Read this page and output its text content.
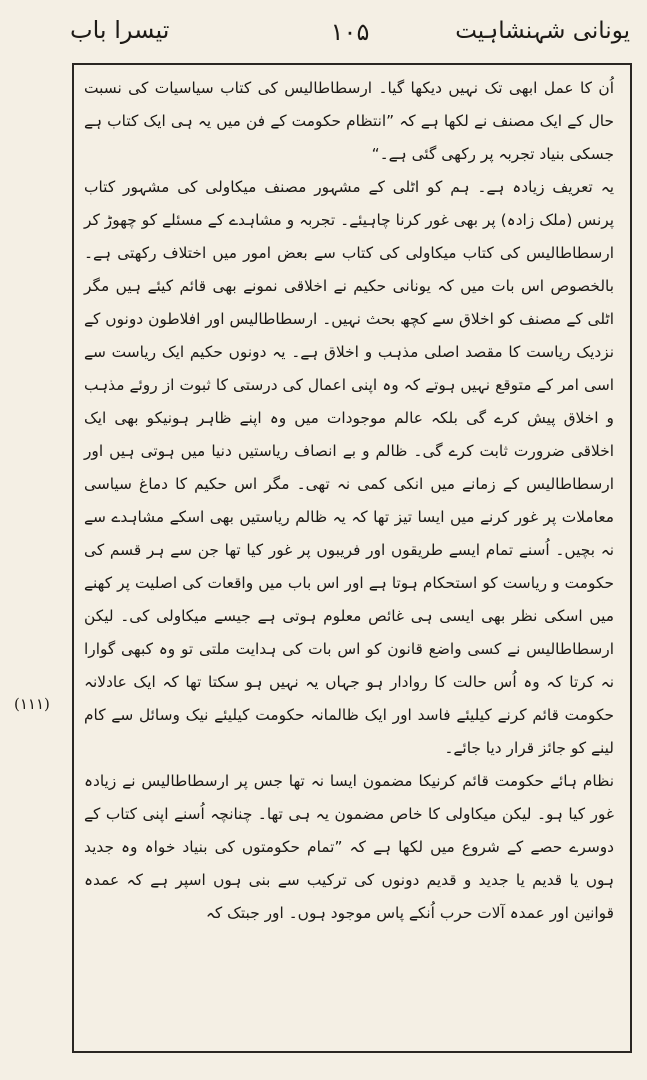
یونانی شہنشاہیت
۱۰۵
تیسرا باب

اُن کا عمل ابھی تک نہیں دیکھا گیا۔ ارسطاطالیس کی کتاب سیاسیات کی نسبت حال کے ایک مصنف نے لکھا ہے کہ ”انتظام حکومت کے فن میں یہ ہی ایک کتاب ہے جسکی بنیاد تجربہ پر رکھی گئی ہے۔“

یہ تعریف زیادہ ہے۔ ہم کو اٹلی کے مشہور مصنف میکاولی کی مشہور کتاب پرنس (ملک زادہ) پر بھی غور کرنا چاہیئے۔ تجربہ و مشاہدے کے مسئلے کو چھوڑ کر ارسطاطالیس کی کتاب میکاولی کی کتاب سے بعض امور میں اختلاف رکھتی ہے۔ بالخصوص اس بات میں کہ یونانی حکیم نے اخلاقی نمونے بھی قائم کیئے ہیں مگر اٹلی کے مصنف کو اخلاق سے کچھ بحث نہیں۔ ارسطاطالیس اور افلاطون دونوں کے نزدیک ریاست کا مقصد اصلی مذہب و اخلاق ہے۔ یہ دونوں حکیم ایک ریاست سے اسی امر کے متوقع نہیں ہوتے کہ وہ اپنی اعمال کی درستی کا ثبوت از روئے مذہب و اخلاق پیش کرے گی بلکہ عالم موجودات میں وہ اپنے ظاہر ہونیکو بھی ایک اخلاقی ضرورت ثابت کرے گی۔ ظالم و بے انصاف ریاستیں دنیا میں ہوتی ہیں اور ارسطاطالیس کے زمانے میں انکی کمی نہ تھی۔ مگر اس حکیم کا دماغ سیاسی معاملات پر غور کرنے میں ایسا تیز تھا کہ یہ ظالم ریاستیں بھی اسکے مشاہدے سے نہ بچیں۔ اُسنے تمام ایسے طریقوں اور فریبوں پر غور کیا تھا جن سے ہر قسم کی حکومت و ریاست کو استحکام ہوتا ہے اور اس باب میں واقعات کی اصلیت پر کھنے میں اسکی نظر بھی ایسی ہی غائص معلوم ہوتی ہے جیسے میکاولی کی۔ لیکن ارسطاطالیس نے کسی واضع قانون کو اس بات کی ہدایت ملتی تو وہ کبھی گوارا نہ کرتا کہ وہ اُس حالت کا روادار ہو جہاں یہ نہیں ہو سکتا تھا کہ ایک عادلانہ حکومت قائم کرنے کیلیئے فاسد اور ایک ظالمانہ حکومت کیلیئے نیک وسائل سے کام لینے کو جائز قرار دیا جائے۔

نظام ہائے حکومت قائم کرنیکا مضمون ایسا نہ تھا جس پر ارسطاطالیس نے زیادہ غور کیا ہو۔ لیکن میکاولی کا خاص مضمون یہ ہی تھا۔ چنانچہ اُسنے اپنی کتاب کے دوسرے حصے کے شروع میں لکھا ہے کہ ”تمام حکومتوں کی بنیاد خواہ وہ جدید ہوں یا قدیم یا جدید و قدیم دونوں کی ترکیب سے بنی ہوں اسپر ہے کہ عمدہ قوانین اور عمدہ آلات حرب اُنکے پاس موجود ہوں۔ اور جبتک کہ

(۱۱۱)
